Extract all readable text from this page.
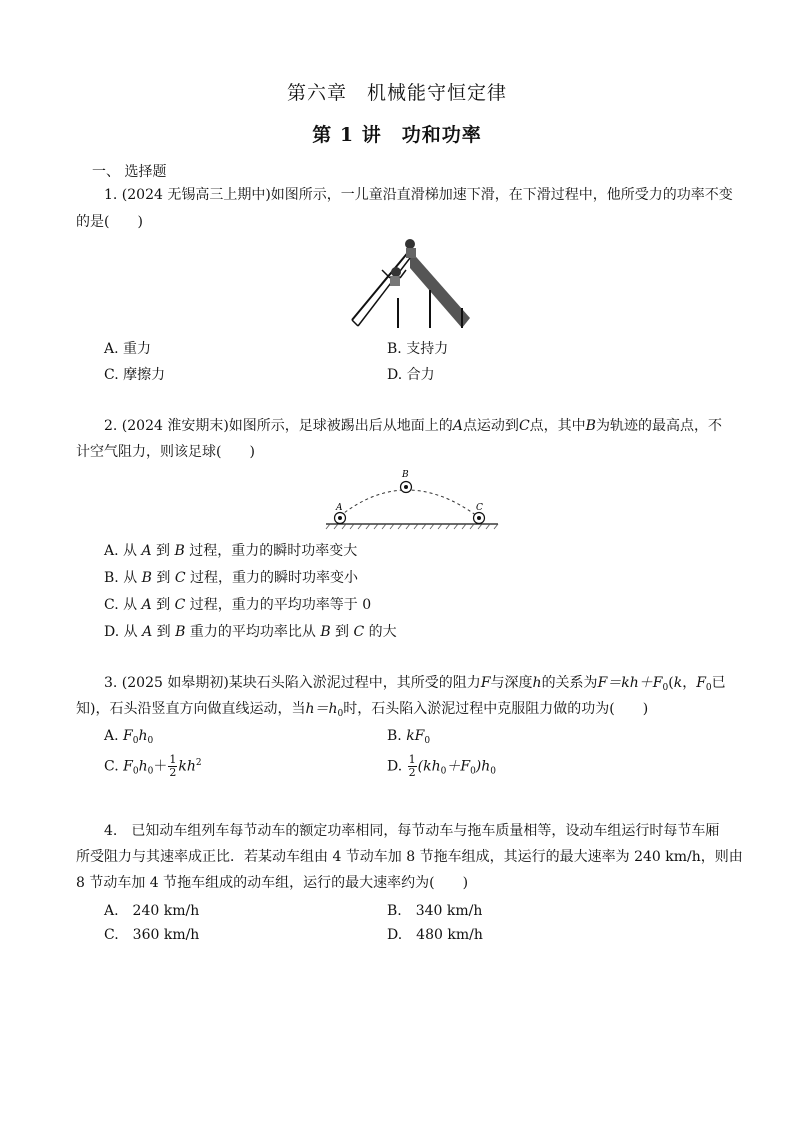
第六章　机械能守恒定律
第 1 讲　功和功率
一、 选择题
1. (2024 无锡高三上期中)如图所示，一儿童沿直滑梯加速下滑，在下滑过程中，他所受力的功率不变
的是(　　)
A. 重力	B. 支持力
C. 摩擦力	D. 合力
2. (2024 淮安期末)如图所示，足球被踢出后从地面上的A点运动到C点，其中B为轨迹的最高点，不
计空气阻力，则该足球(　　)
A
B
C
A. 从 A 到 B 过程，重力的瞬时功率变大
B. 从 B 到 C 过程，重力的瞬时功率变小
C. 从 A 到 C 过程，重力的平均功率等于 0
D. 从 A 到 B 重力的平均功率比从 B 到 C 的大
3. (2025 如皋期初)某块石头陷入淤泥过程中，其所受的阻力F与深度h的关系为$F=kh+F_0(k$，$F_0$已
知)，石头沿竖直方向做直线运动，当$h=h_0$时，石头陷入淤泥过程中克服阻力做的功为(　　)
A. $F_0h_0$	B. $kF_0$
C. $F_0h_0+ \frac{1}{2} kh^2$	D. $\frac{1}{2} (kh_0+F_0)h_0$
4.　已知动车组列车每节动车的额定功率相同，每节动车与拖车质量相等，设动车组运行时每节车厢
所受阻力与其速率成正比．若某动车组由 4 节动车加 8 节拖车组成，其运行的最大速率为 240 km/h，则由
8 节动车加 4 节拖车组成的动车组，运行的最大速率约为(　　)
A.　240 km/h	B.　340 km/h
C.　360 km/h	D.　480 km/h
